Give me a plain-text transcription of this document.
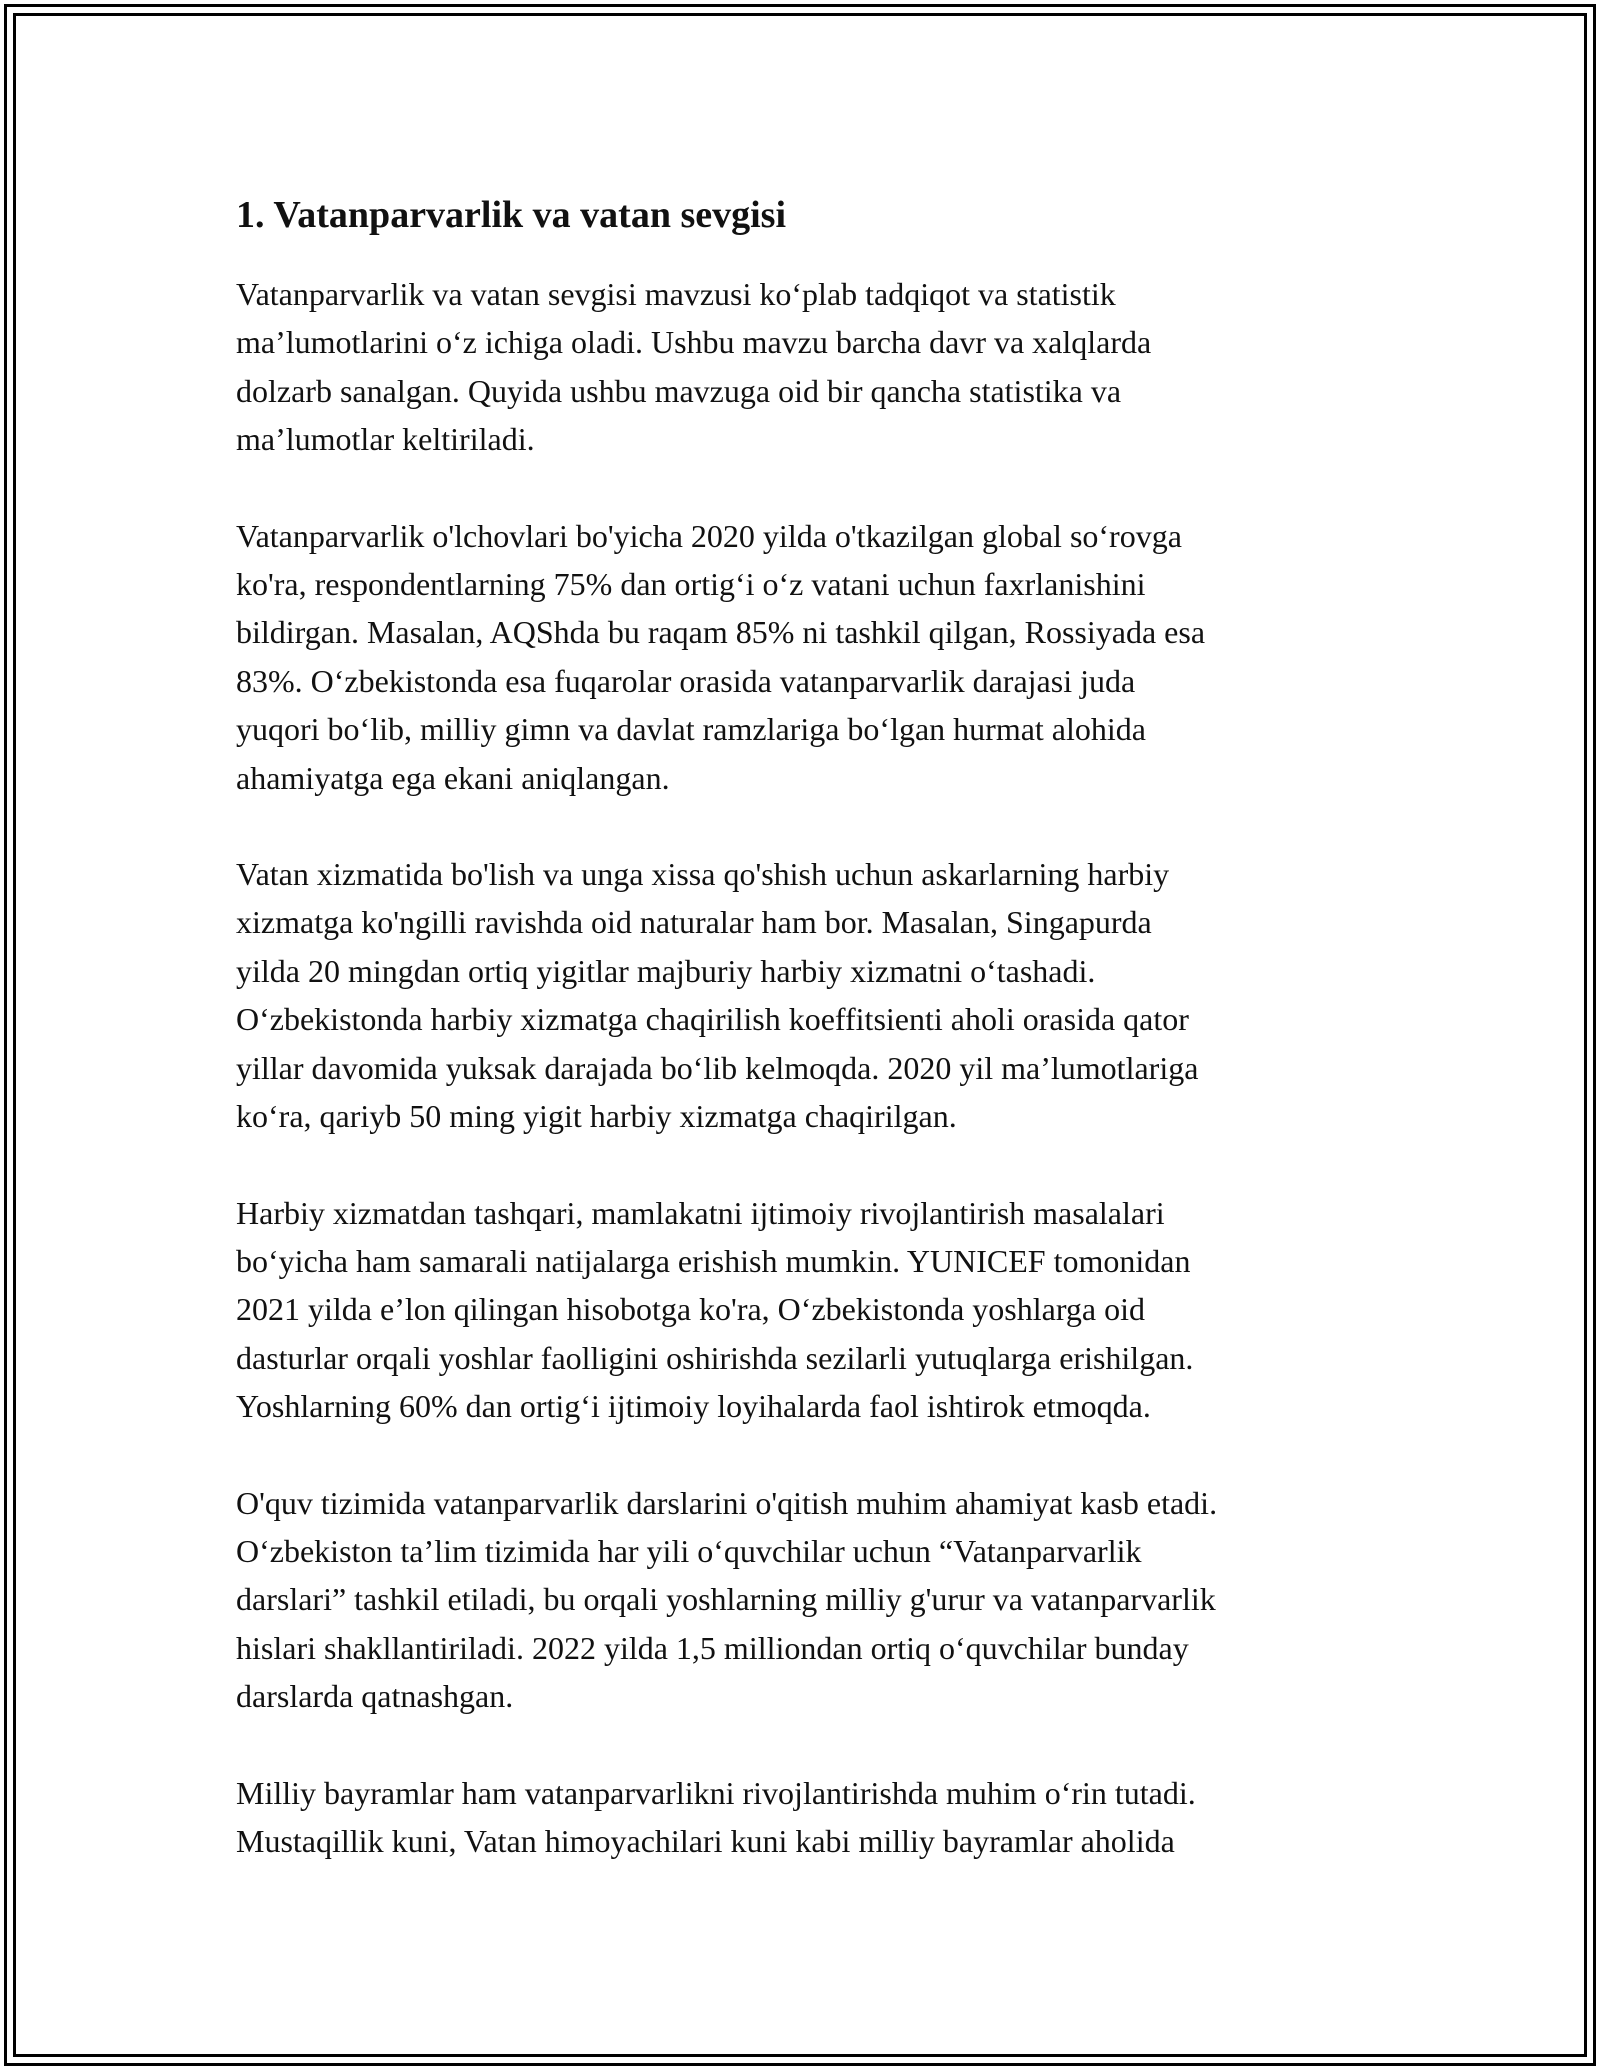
1. Vatanparvarlik va vatan sevgisi

Vatanparvarlik va vatan sevgisi mavzusi koʻplab tadqiqot va statistik
maʼlumotlarini oʻz ichiga oladi. Ushbu mavzu barcha davr va xalqlarda
dolzarb sanalgan. Quyida ushbu mavzuga oid bir qancha statistika va
maʼlumotlar keltiriladi.

Vatanparvarlik o'lchovlari bo'yicha 2020 yilda o'tkazilgan global soʻrovga
ko'ra, respondentlarning 75% dan ortigʻi oʻz vatani uchun faxrlanishini
bildirgan. Masalan, AQShda bu raqam 85% ni tashkil qilgan, Rossiyada esa
83%. Oʻzbekistonda esa fuqarolar orasida vatanparvarlik darajasi juda
yuqori boʻlib, milliy gimn va davlat ramzlariga boʻlgan hurmat alohida
ahamiyatga ega ekani aniqlangan.

Vatan xizmatida bo'lish va unga xissa qo'shish uchun askarlarning harbiy
xizmatga ko'ngilli ravishda oid naturalar ham bor. Masalan, Singapurda
yilda 20 mingdan ortiq yigitlar majburiy harbiy xizmatni oʻtashadi.
Oʻzbekistonda harbiy xizmatga chaqirilish koeffitsienti aholi orasida qator
yillar davomida yuksak darajada boʻlib kelmoqda. 2020 yil maʼlumotlariga
koʻra, qariyb 50 ming yigit harbiy xizmatga chaqirilgan.

Harbiy xizmatdan tashqari, mamlakatni ijtimoiy rivojlantirish masalalari
boʻyicha ham samarali natijalarga erishish mumkin. YUNICEF tomonidan
2021 yilda eʼlon qilingan hisobotga ko'ra, Oʻzbekistonda yoshlarga oid
dasturlar orqali yoshlar faolligini oshirishda sezilarli yutuqlarga erishilgan.
Yoshlarning 60% dan ortigʻi ijtimoiy loyihalarda faol ishtirok etmoqda.

O'quv tizimida vatanparvarlik darslarini o'qitish muhim ahamiyat kasb etadi.
Oʻzbekiston taʼlim tizimida har yili oʻquvchilar uchun “Vatanparvarlik
darslari” tashkil etiladi, bu orqali yoshlarning milliy g'urur va vatanparvarlik
hislari shakllantiriladi. 2022 yilda 1,5 milliondan ortiq oʻquvchilar bunday
darslarda qatnashgan.

Milliy bayramlar ham vatanparvarlikni rivojlantirishda muhim oʻrin tutadi.
Mustaqillik kuni, Vatan himoyachilari kuni kabi milliy bayramlar aholida
